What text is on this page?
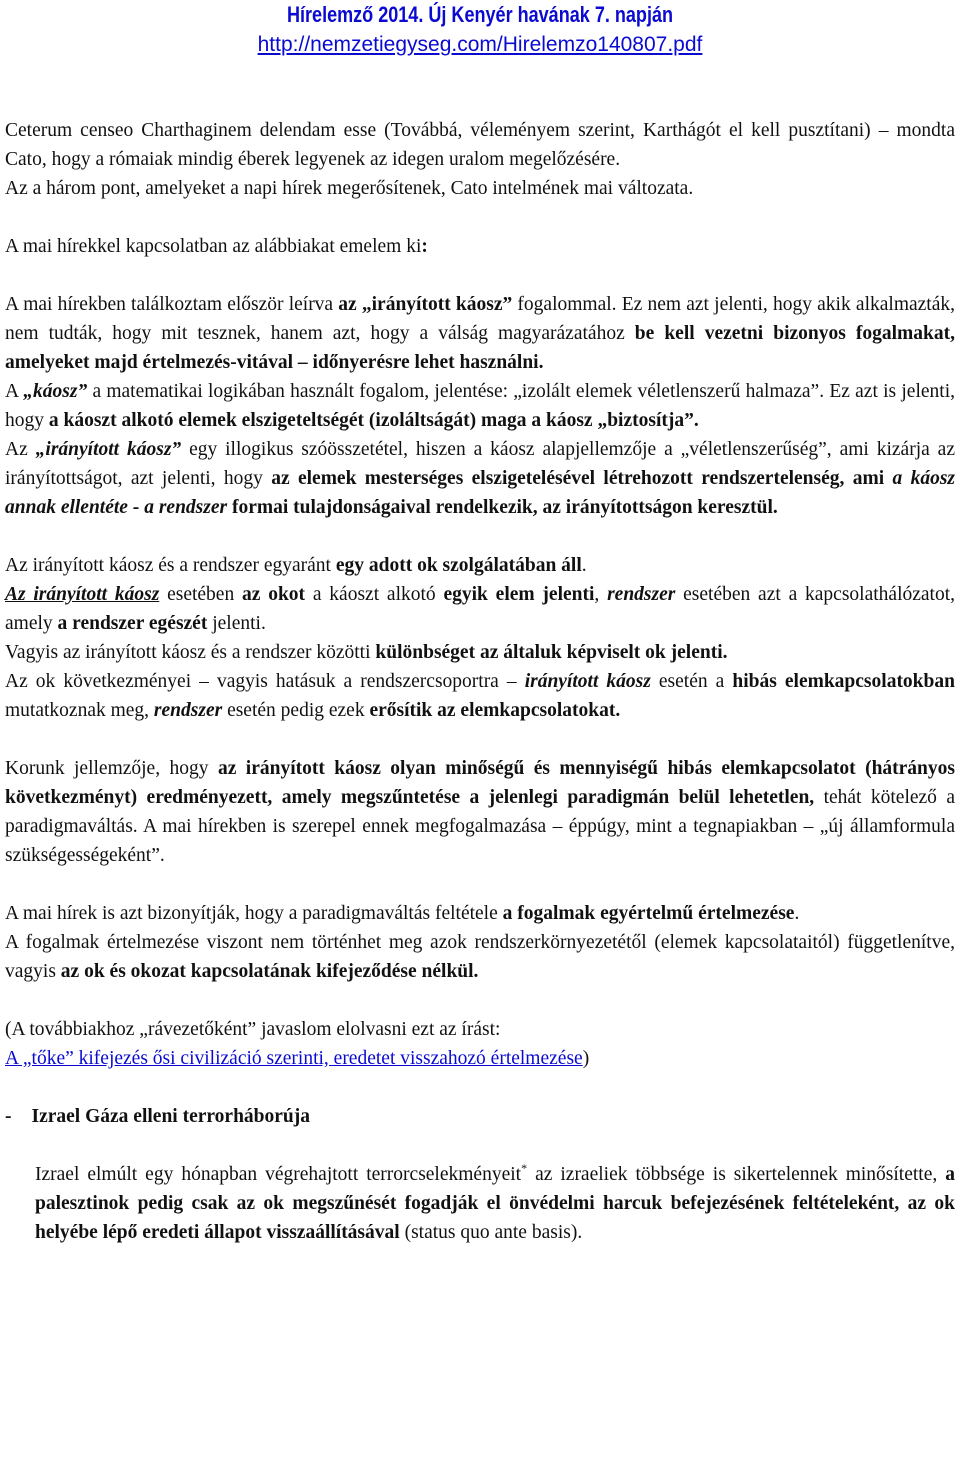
Hírelemző 2014. Új Kenyér havának 7. napján
http://nemzetiegyseg.com/Hirelemzo140807.pdf

Ceterum censeo Charthaginem delendam esse (Továbbá, véleményem szerint, Karthágót el kell pusztítani) – mondta Cato, hogy a rómaiak mindig éberek legyenek az idegen uralom megelőzésére.

Az a három pont, amelyeket a napi hírek megerősítenek, Cato intelmének mai változata.

A mai hírekkel kapcsolatban az alábbiakat emelem ki:

A mai hírekben találkoztam először leírva az „irányított káosz” fogalommal. Ez nem azt jelenti, hogy akik alkalmazták, nem tudták, hogy mit tesznek, hanem azt, hogy a válság magyarázatához be kell vezetni bizonyos fogalmakat, amelyeket majd értelmezés-vitával – időnyerésre lehet használni.

A „káosz” a matematikai logikában használt fogalom, jelentése: „izolált elemek véletlenszerű halmaza”. Ez azt is jelenti, hogy a káoszt alkotó elemek elszigeteltségét (izoláltságát) maga a káosz „biztosítja”.

Az „irányított káosz” egy illogikus szóösszetétel, hiszen a káosz alapjellemzője a „véletlenszerűség”, ami kizárja az irányítottságot, azt jelenti, hogy az elemek mesterséges elszigetelésével létrehozott rendszertelenség, ami a káosz annak ellentéte - a rendszer formai tulajdonságaival rendelkezik, az irányítottságon keresztül.

Az irányított káosz és a rendszer egyaránt egy adott ok szolgálatában áll.

Az irányított káosz esetében az okot a káoszt alkotó egyik elem jelenti, rendszer esetében azt a kapcsolathálózatot, amely a rendszer egészét jelenti.

Vagyis az irányított káosz és a rendszer közötti különbséget az általuk képviselt ok jelenti.

Az ok következményei – vagyis hatásuk a rendszercsoportra – irányított káosz esetén a hibás elemkapcsolatokban mutatkoznak meg, rendszer esetén pedig ezek erősítik az elemkapcsolatokat.

Korunk jellemzője, hogy az irányított káosz olyan minőségű és mennyiségű hibás elemkapcsolatot (hátrányos következményt) eredményezett, amely megszűntetése a jelenlegi paradigmán belül lehetetlen, tehát kötelező a paradigmaváltás. A mai hírekben is szerepel ennek megfogalmazása – éppúgy, mint a tegnapiakban – „új államformula szükségességeként”.

A mai hírek is azt bizonyítják, hogy a paradigmaváltás feltétele a fogalmak egyértelmű értelmezése.

A fogalmak értelmezése viszont nem történhet meg azok rendszerkörnyezetétől (elemek kapcsolataitól) függetlenítve, vagyis az ok és okozat kapcsolatának kifejeződése nélkül.

(A továbbiakhoz „rávezetőként” javaslom elolvasni ezt az írást:
A „tőke” kifejezés ősi civilizáció szerinti, eredetet visszahozó értelmezése)

- Izrael Gáza elleni terrorháborúja

Izrael elmúlt egy hónapban végrehajtott terrorcselekményeit* az izraeliek többsége is sikertelennek minősítette, a palesztinok pedig csak az ok megszűnését fogadják el önvédelmi harcuk befejezésének feltételeként, az ok helyébe lépő eredeti állapot visszaállításával (status quo ante basis).
